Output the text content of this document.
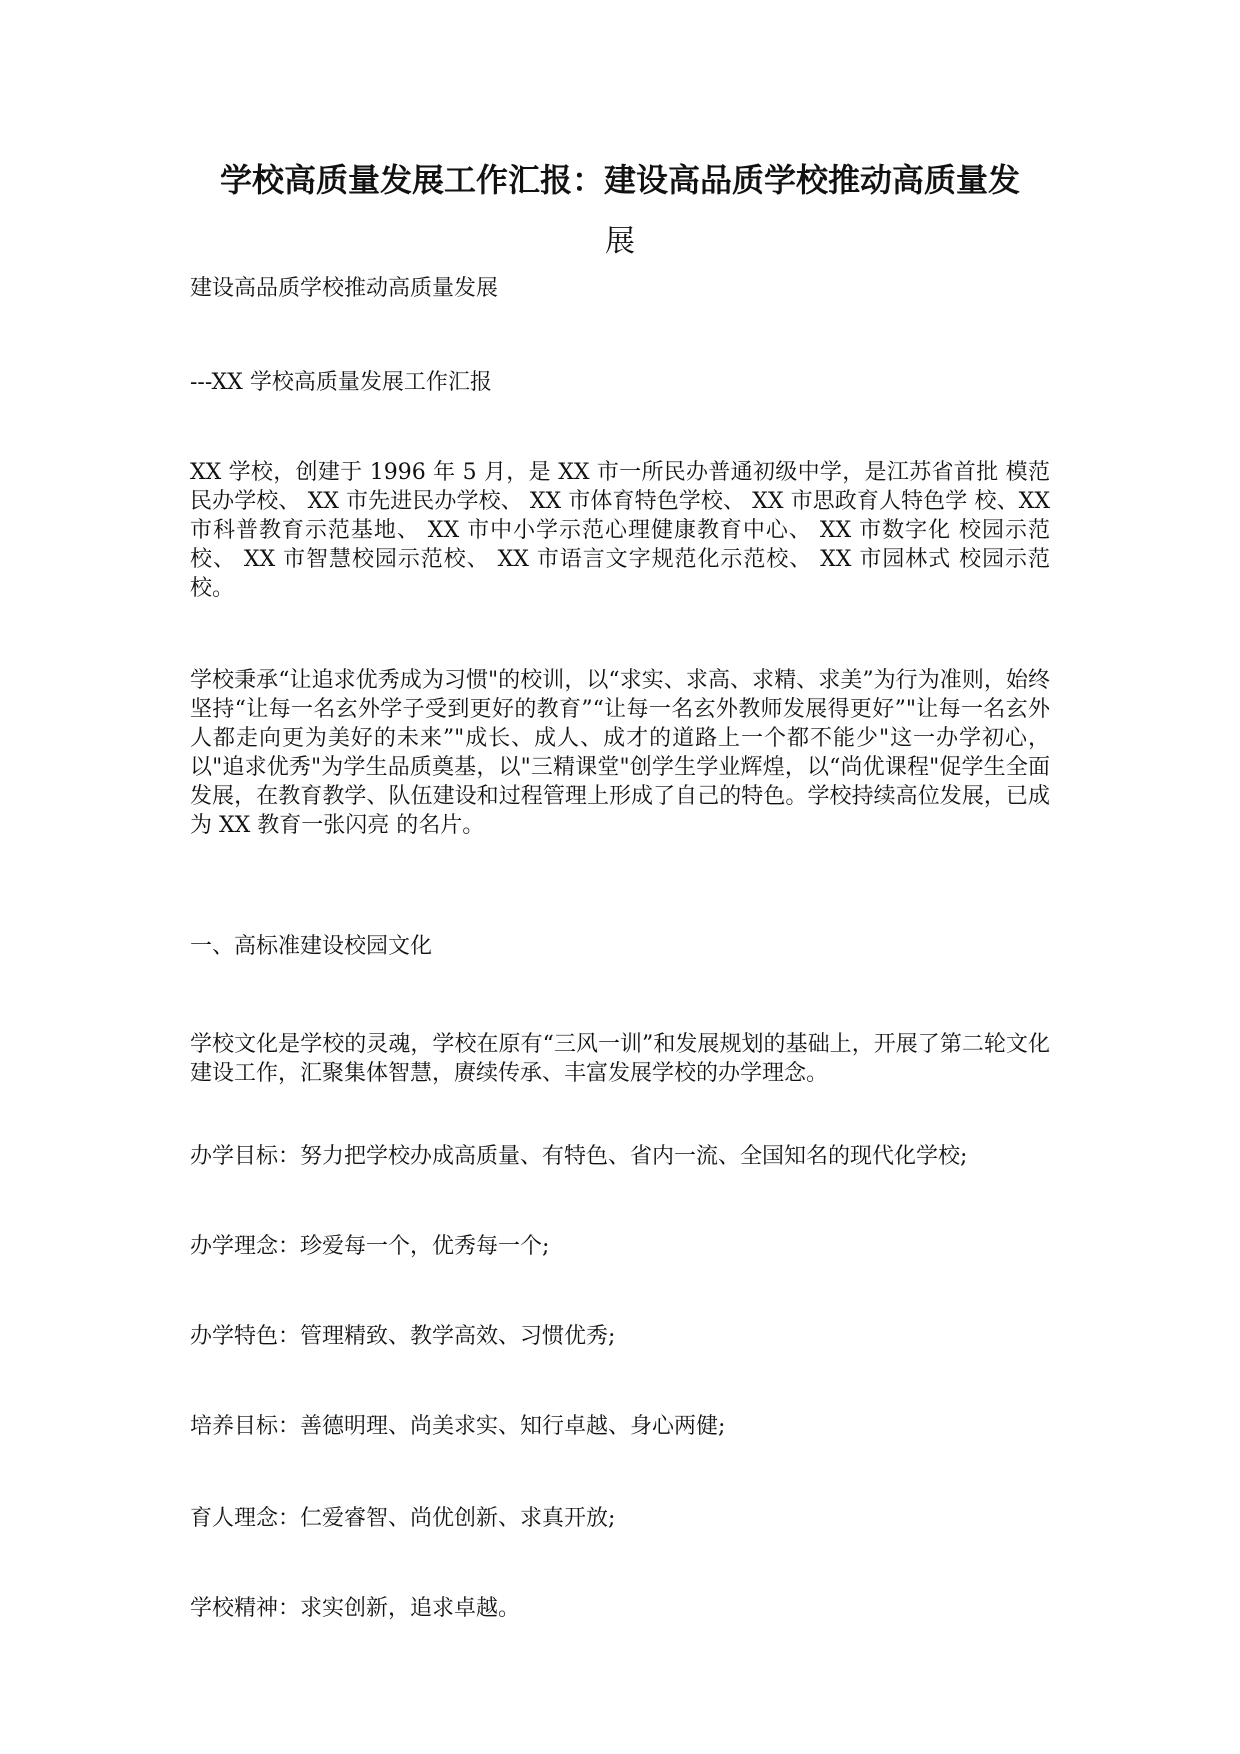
学校高质量发展工作汇报：建设高品质学校推动高质量发
展

建设高品质学校推动高质量发展

---XX 学校高质量发展工作汇报

XX 学校，创建于 1996 年 5 月，是 XX 市一所民办普通初级中学，是江苏省首批 模范民办学校、 XX 市先进民办学校、 XX 市体育特色学校、 XX 市思政育人特色学 校、XX 市科普教育示范基地、 XX 市中小学示范心理健康教育中心、 XX 市数字化 校园示范校、 XX 市智慧校园示范校、 XX 市语言文字规范化示范校、 XX 市园林式 校园示范校。

学校秉承“让追求优秀成为习惯"的校训，以“求实、求高、求精、求美”为行为准则，始终坚持“让每一名玄外学子受到更好的教育”“让每一名玄外教师发展得更好”"让每一名玄外人都走向更为美好的未来”"成长、成人、成才的道路上一个都不能少"这一办学初心，以"追求优秀"为学生品质奠基，以"三精课堂"创学生学业辉煌，以“尚优课程"促学生全面发展，在教育教学、队伍建设和过程管理上形成了自己的特色。学校持续高位发展，已成为 XX 教育一张闪亮 的名片。

一、高标准建设校园文化

学校文化是学校的灵魂，学校在原有“三风一训”和发展规划的基础上，开展了第二轮文化建设工作，汇聚集体智慧，赓续传承、丰富发展学校的办学理念。

办学目标：努力把学校办成高质量、有特色、省内一流、全国知名的现代化学校;

办学理念：珍爱每一个，优秀每一个;

办学特色：管理精致、教学高效、习惯优秀;

培养目标：善德明理、尚美求实、知行卓越、身心两健;

育人理念：仁爱睿智、尚优创新、求真开放;

学校精神：求实创新，追求卓越。
